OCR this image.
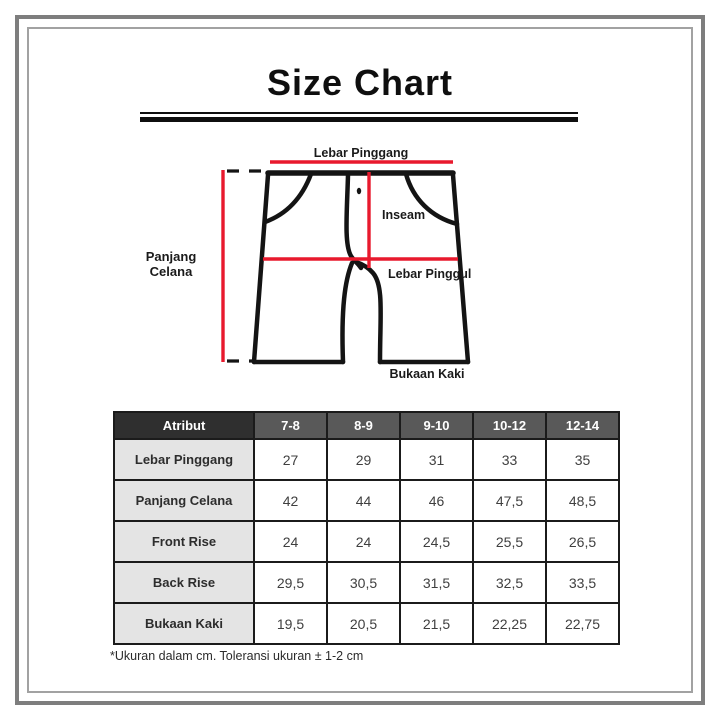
Size Chart
Lebar Pinggang
Panjang
Celana
Inseam
Lebar Pinggul
Bukaan Kaki
Atribut	7-8	8-9	9-10	10-12	12-14
Lebar Pinggang	27	29	31	33	35
Panjang Celana	42	44	46	47,5	48,5
Front Rise	24	24	24,5	25,5	26,5
Back Rise	29,5	30,5	31,5	32,5	33,5
Bukaan Kaki	19,5	20,5	21,5	22,25	22,75
*Ukuran dalam cm. Toleransi ukuran ± 1-2 cm
